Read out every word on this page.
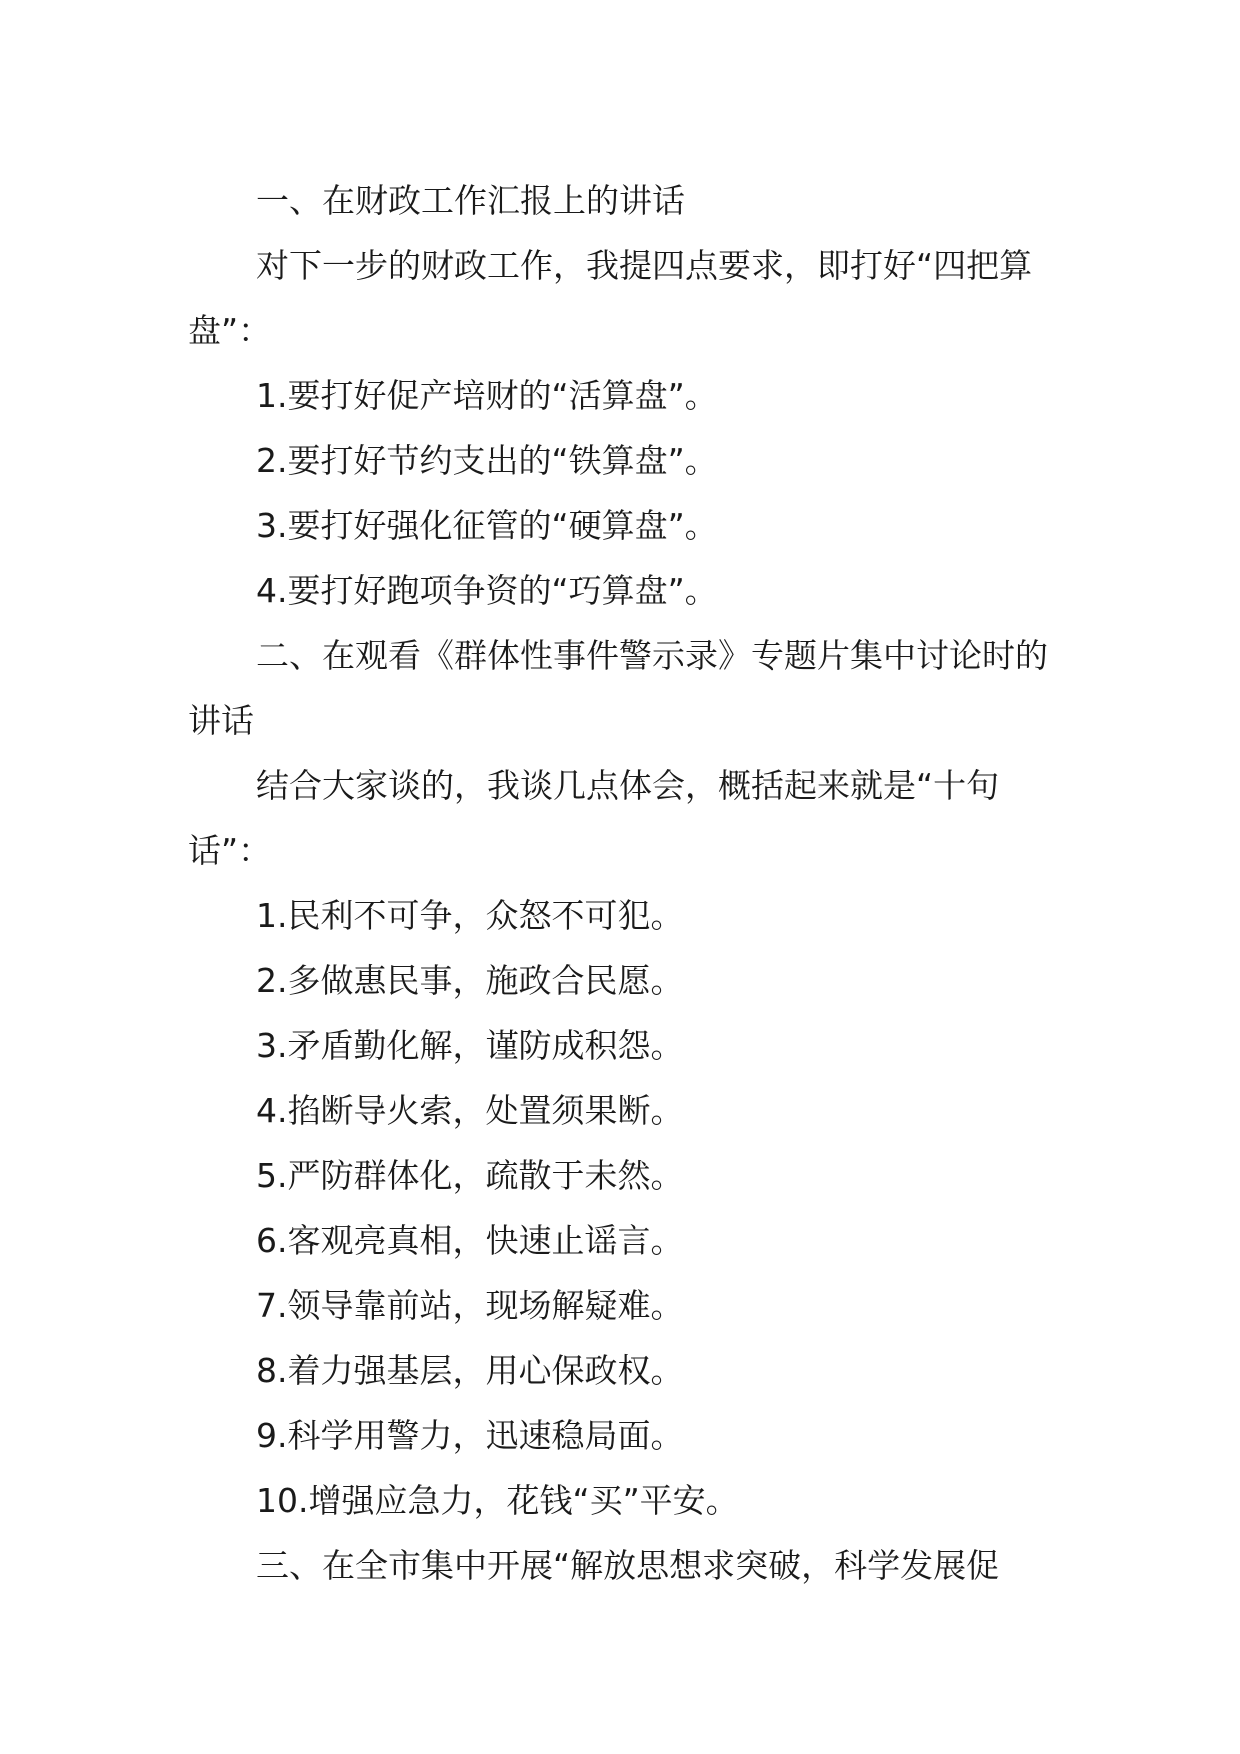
一、在财政工作汇报上的讲话

对下一步的财政工作，我提四点要求，即打好“四把算盘”：

1.要打好促产培财的“活算盘”。

2.要打好节约支出的“铁算盘”。

3.要打好强化征管的“硬算盘”。

4.要打好跑项争资的“巧算盘”。

二、在观看《群体性事件警示录》专题片集中讨论时的讲话

结合大家谈的，我谈几点体会，概括起来就是“十句话”：

1.民利不可争，众怒不可犯。

2.多做惠民事，施政合民愿。

3.矛盾勤化解，谨防成积怨。

4.掐断导火索，处置须果断。

5.严防群体化，疏散于未然。

6.客观亮真相，快速止谣言。

7.领导靠前站，现场解疑难。

8.着力强基层，用心保政权。

9.科学用警力，迅速稳局面。

10.增强应急力，花钱“买”平安。

三、在全市集中开展“解放思想求突破，科学发展促
